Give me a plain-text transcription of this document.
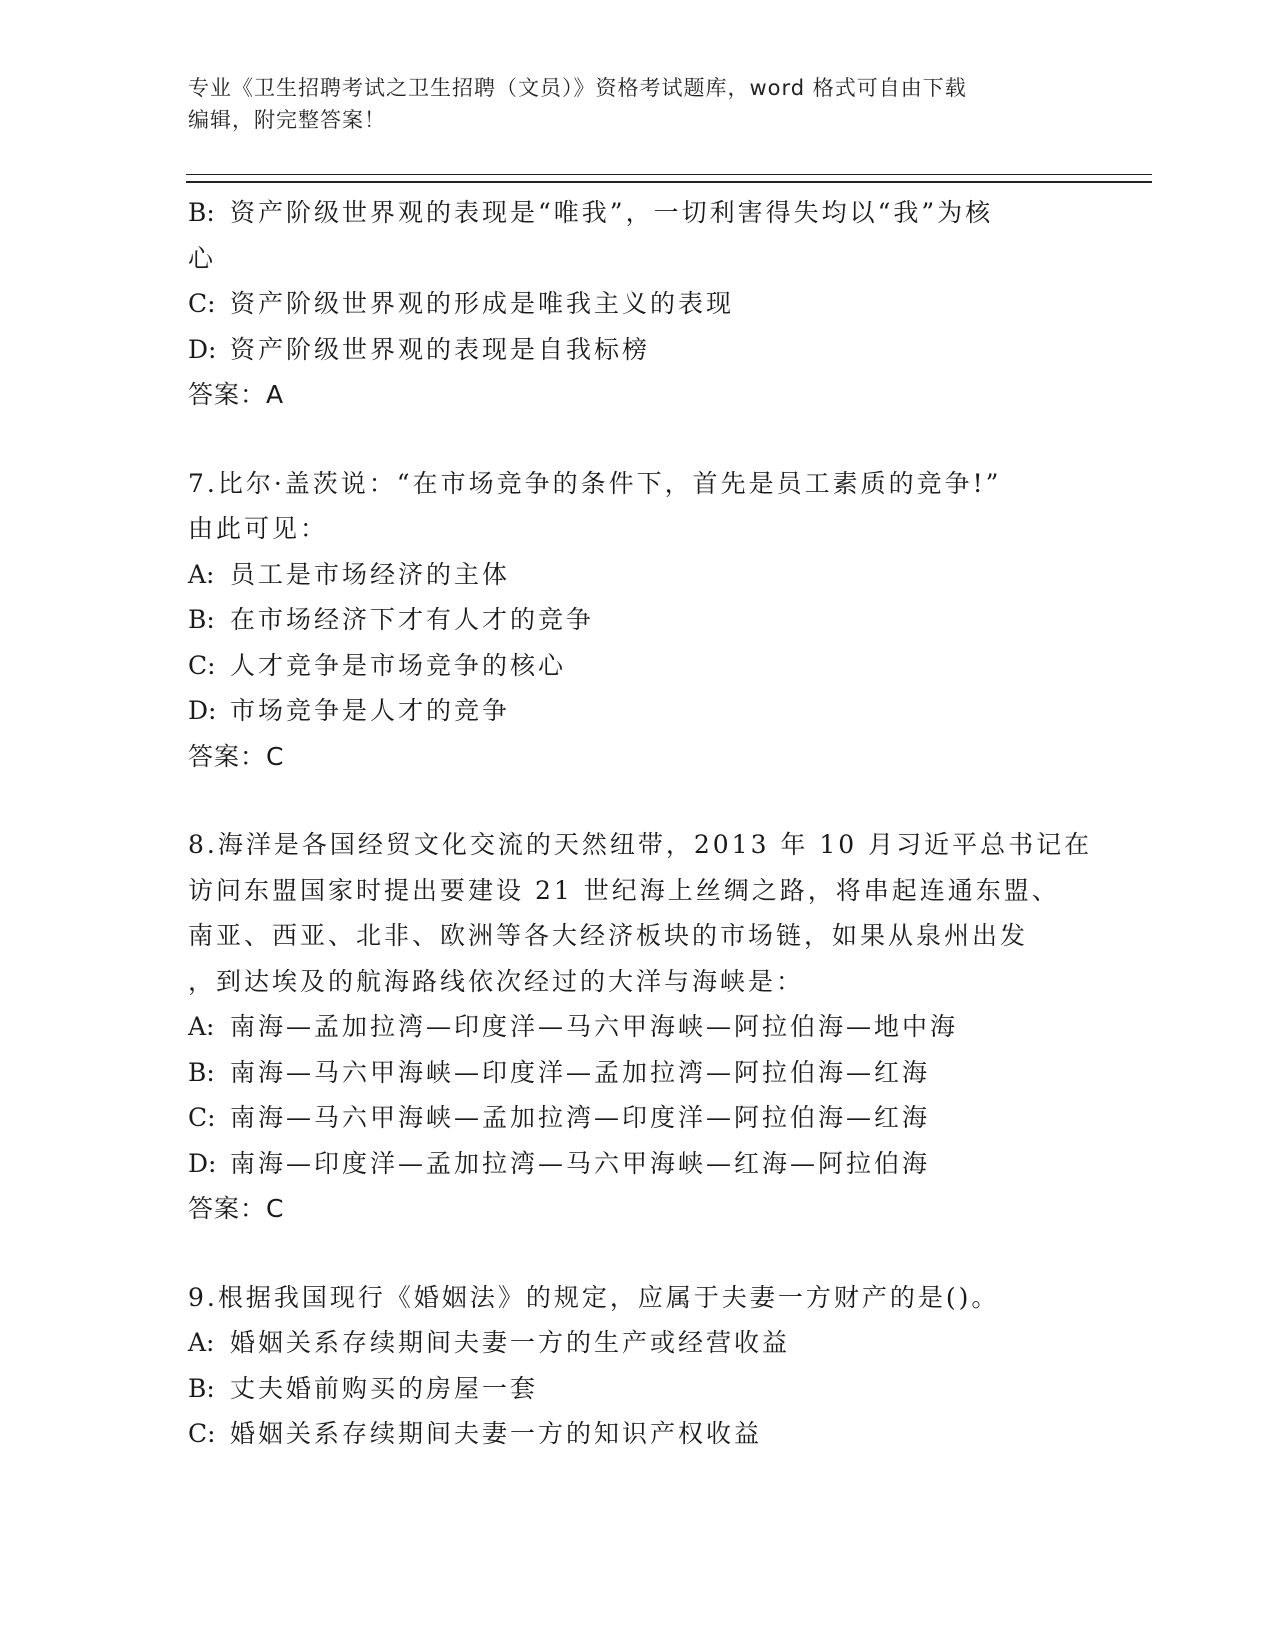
专业《卫生招聘考试之卫生招聘（文员）》资格考试题库，word 格式可自由下载
编辑，附完整答案！
B: 资产阶级世界观的表现是“唯我”，一切利害得失均以“我”为核
心
C: 资产阶级世界观的形成是唯我主义的表现
D: 资产阶级世界观的表现是自我标榜
答案：A
7.比尔·盖茨说：“在市场竞争的条件下，首先是员工素质的竞争!”
由此可见：
A: 员工是市场经济的主体
B: 在市场经济下才有人才的竞争
C: 人才竞争是市场竞争的核心
D: 市场竞争是人才的竞争
答案：C
8.海洋是各国经贸文化交流的天然纽带，2013 年 10 月习近平总书记在
访问东盟国家时提出要建设 21 世纪海上丝绸之路，将串起连通东盟、
南亚、西亚、北非、欧洲等各大经济板块的市场链，如果从泉州出发
，到达埃及的航海路线依次经过的大洋与海峡是：
A: 南海—孟加拉湾—印度洋—马六甲海峡—阿拉伯海—地中海
B: 南海—马六甲海峡—印度洋—孟加拉湾—阿拉伯海—红海
C: 南海—马六甲海峡—孟加拉湾—印度洋—阿拉伯海—红海
D: 南海—印度洋—孟加拉湾—马六甲海峡—红海—阿拉伯海
答案：C
9.根据我国现行《婚姻法》的规定，应属于夫妻一方财产的是()。
A: 婚姻关系存续期间夫妻一方的生产或经营收益
B: 丈夫婚前购买的房屋一套
C: 婚姻关系存续期间夫妻一方的知识产权收益
